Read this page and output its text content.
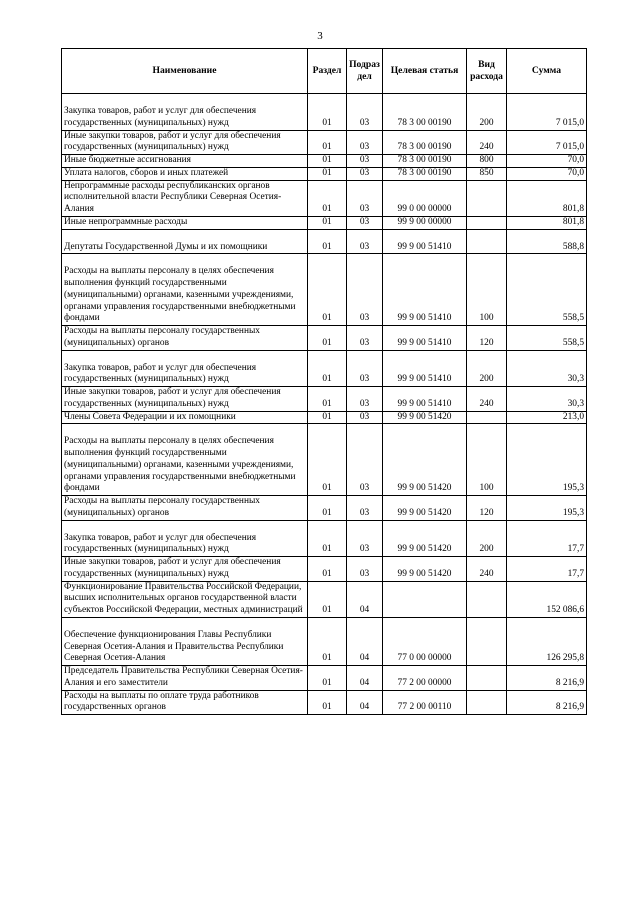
3
Наименование	Раздел	Подраз дел	Целевая статья	Вид расхода	Сумма
Закупка товаров, работ и услуг для обеспечения государственных (муниципальных) нужд	01	03	78 3 00 00190	200	7 015,0
Иные закупки товаров, работ и услуг для обеспечения государственных (муниципальных) нужд	01	03	78 3 00 00190	240	7 015,0
Иные бюджетные ассигнования	01	03	78 3 00 00190	800	70,0
Уплата налогов, сборов и иных платежей	01	03	78 3 00 00190	850	70,0
Непрограммные расходы республиканских органов исполнительной власти Республики Северная Осетия-Алания	01	03	99 0 00 00000		801,8
Иные непрограммные расходы	01	03	99 9 00 00000		801,8
Депутаты Государственной Думы и их помощники	01	03	99 9 00 51410		588,8
Расходы на выплаты персоналу в целях обеспечения выполнения функций государственными (муниципальными) органами, казенными учреждениями, органами управления государственными внебюджетными фондами	01	03	99 9 00 51410	100	558,5
Расходы на выплаты персоналу государственных (муниципальных) органов	01	03	99 9 00 51410	120	558,5
Закупка товаров, работ и услуг для обеспечения государственных (муниципальных) нужд	01	03	99 9 00 51410	200	30,3
Иные закупки товаров, работ и услуг для обеспечения государственных (муниципальных) нужд	01	03	99 9 00 51410	240	30,3
Члены Совета Федерации и их помощники	01	03	99 9 00 51420		213,0
Расходы на выплаты персоналу в целях обеспечения выполнения функций государственными (муниципальными) органами, казенными учреждениями, органами управления государственными внебюджетными фондами	01	03	99 9 00 51420	100	195,3
Расходы на выплаты персоналу государственных (муниципальных) органов	01	03	99 9 00 51420	120	195,3
Закупка товаров, работ и услуг для обеспечения государственных (муниципальных) нужд	01	03	99 9 00 51420	200	17,7
Иные закупки товаров, работ и услуг для обеспечения государственных (муниципальных) нужд	01	03	99 9 00 51420	240	17,7
Функционирование Правительства Российской Федерации, высших исполнительных органов государственной власти субъектов Российской Федерации, местных администраций	01	04			152 086,6
Обеспечение функционирования Главы Республики Северная Осетия-Алания и Правительства Республики Северная Осетия-Алания	01	04	77 0 00 00000		126 295,8
Председатель Правительства Республики Северная Осетия-Алания и его заместители	01	04	77 2 00 00000		8 216,9
Расходы на выплаты по оплате труда работников государственных органов	01	04	77 2 00 00110		8 216,9
